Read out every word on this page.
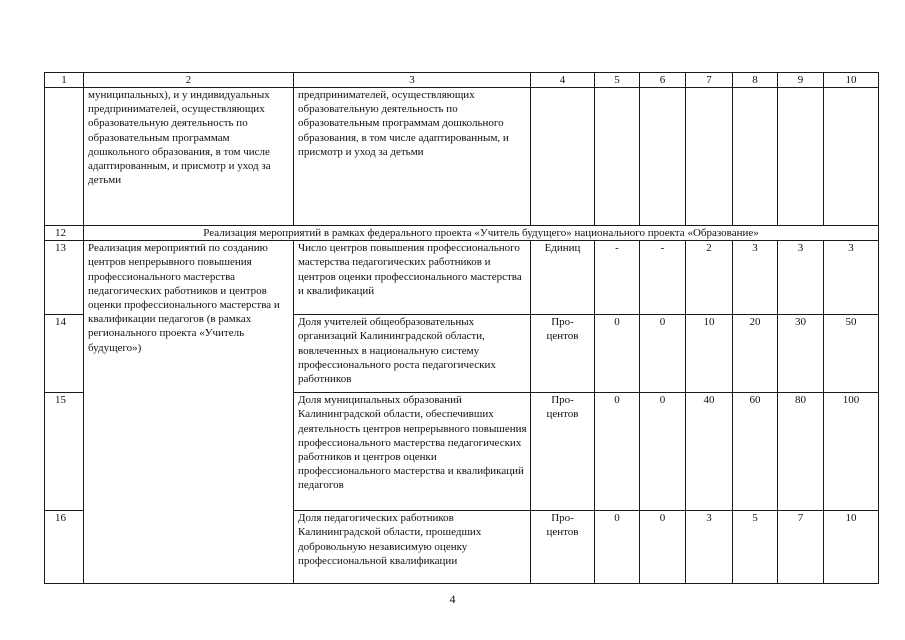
1	2	3	4	5	6	7	8	9	10
	муниципальных), и у индивидуальных предпринимателей, осуществляющих образовательную деятельность по образовательным программам дошкольного образования, в том числе адаптированным, и присмотр и уход за детьми	предпринимателей, осуществляющих образовательную деятельность по образовательным программам дошкольного образования, в том числе адаптированным, и присмотр и уход за детьми							
12	Реализация мероприятий в рамках федерального проекта «Учитель будущего» национального проекта «Образование»								
13	Реализация мероприятий по созданию центров непрерывного повышения профессионального мастерства педагогических работников и центров оценки профессионального мастерства и квалификации педагогов (в рамках регионального проекта «Учитель будущего»)	Число центров повышения профессионального мастерства педагогических работников и центров оценки профессионального мастерства и квалификаций	Единиц	-	-	2	3	3	3
14		Доля учителей общеобразовательных организаций Калининградской области, вовлеченных в национальную систему профессионального роста педагогических работников	Про-
центов	0	0	10	20	30	50
15		Доля муниципальных образований Калининградской области, обеспечивших деятельность центров непрерывного повышения профессионального мастерства педагогических работников и центров оценки профессионального мастерства и квалификаций педагогов	Про-
центов	0	0	40	60	80	100
16		Доля педагогических работников Калининградской области, прошедших добровольную независимую оценку профессиональной квалификации	Про-
центов	0	0	3	5	7	10
4
